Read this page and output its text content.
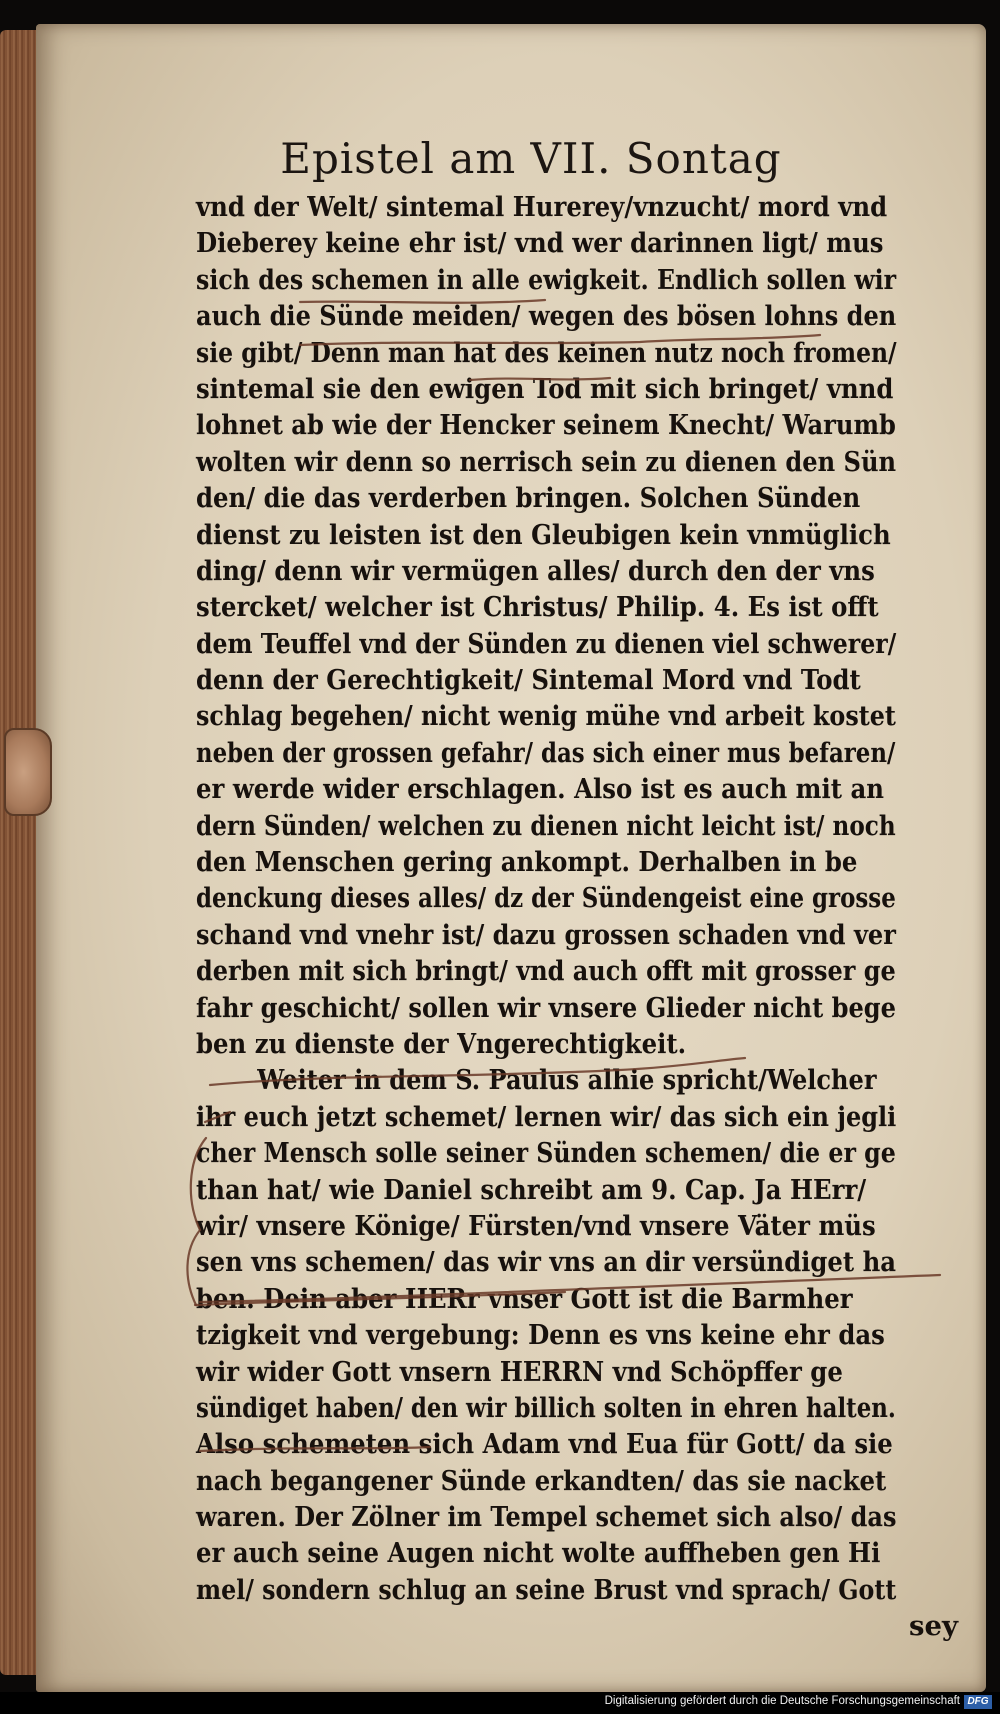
Epistel am VII. Sontag
vnd der Welt/ sintemal Hurerey/vnzucht/ mord vnd
Dieberey keine ehr ist/ vnd wer darinnen ligt/ mus
sich des schemen in alle ewigkeit. Endlich sollen wir
auch die Sünde meiden/ wegen des bösen lohns den
sie gibt/ Denn man hat des keinen nutz noch fromen/
sintemal sie den ewigen Tod mit sich bringet/ vnnd
lohnet ab wie der Hencker seinem Knecht/ Warumb
wolten wir denn so nerrisch sein zu dienen den Sün
den/ die das verderben bringen. Solchen Sünden
dienst zu leisten ist den Gleubigen kein vnmüglich
ding/ denn wir vermügen alles/ durch den der vns
stercket/ welcher ist Christus/ Philip. 4. Es ist offt
dem Teuffel vnd der Sünden zu dienen viel schwerer/
denn der Gerechtigkeit/ Sintemal Mord vnd Todt
schlag begehen/ nicht wenig mühe vnd arbeit kostet
neben der grossen gefahr/ das sich einer mus befaren/
er werde wider erschlagen. Also ist es auch mit an
dern Sünden/ welchen zu dienen nicht leicht ist/ noch
den Menschen gering ankompt. Derhalben in be
denckung dieses alles/ dz der Sündengeist eine grosse
schand vnd vnehr ist/ dazu grossen schaden vnd ver
derben mit sich bringt/ vnd auch offt mit grosser ge
fahr geschicht/ sollen wir vnsere Glieder nicht bege
ben zu dienste der Vngerechtigkeit.
Weiter in dem S. Paulus alhie spricht/Welcher
ihr euch jetzt schemet/ lernen wir/ das sich ein jegli
cher Mensch solle seiner Sünden schemen/ die er ge
than hat/ wie Daniel schreibt am 9. Cap. Ja HErr/
wir/ vnsere Könige/ Fürsten/vnd vnsere Väter müs
sen vns schemen/ das wir vns an dir versündiget ha
ben. Dein aber HERr vnser Gott ist die Barmher
tzigkeit vnd vergebung: Denn es vns keine ehr das
wir wider Gott vnsern HERRN vnd Schöpffer ge
sündiget haben/ den wir billich solten in ehren halten.
Also schemeten sich Adam vnd Eua für Gott/ da sie
nach begangener Sünde erkandten/ das sie nacket
waren. Der Zölner im Tempel schemet sich also/ das
er auch seine Augen nicht wolte auffheben gen Hi
mel/ sondern schlug an seine Brust vnd sprach/ Gott
sey
Digitalisierung gefördert durch die Deutsche Forschungsgemeinschaft DFG
